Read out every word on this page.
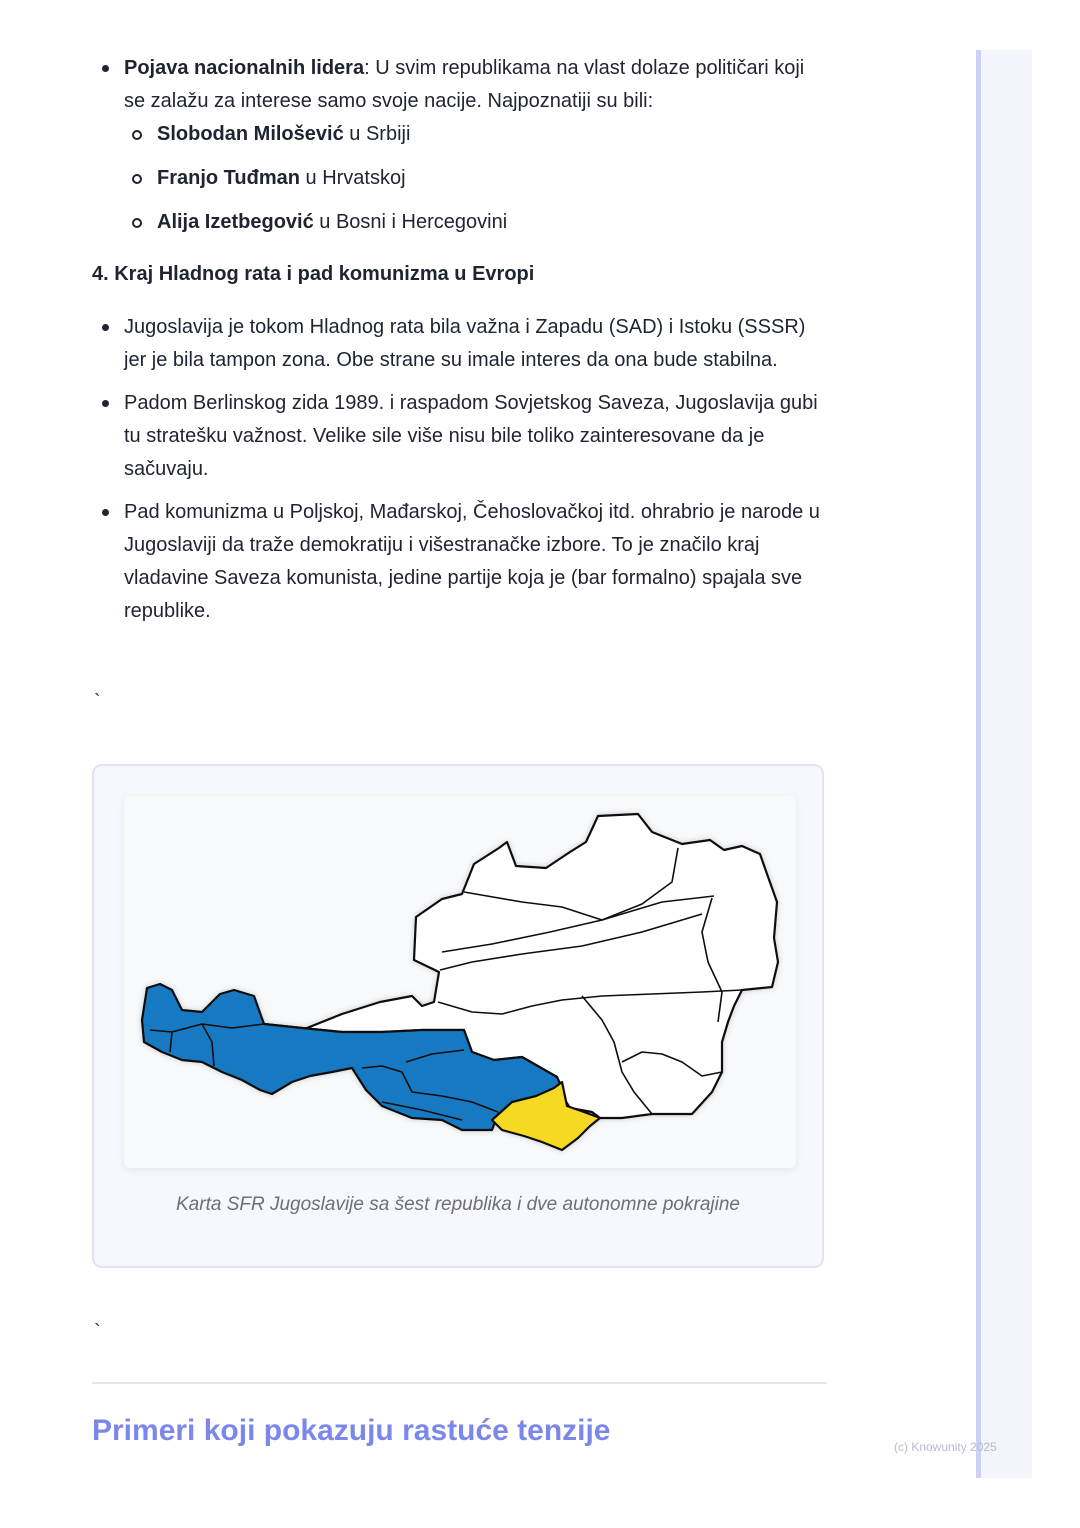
Pojava nacionalnih lidera: U svim republikama na vlast dolaze političari koji se zalažu za interese samo svoje nacije. Najpoznatiji su bili:
Slobodan Milošević u Srbiji
Franjo Tuđman u Hrvatskoj
Alija Izetbegović u Bosni i Hercegovini
4. Kraj Hladnog rata i pad komunizma u Evropi
Jugoslavija je tokom Hladnog rata bila važna i Zapadu (SAD) i Istoku (SSSR) jer je bila tampon zona. Obe strane su imale interes da ona bude stabilna.
Padom Berlinskog zida 1989. i raspadom Sovjetskog Saveza, Jugoslavija gubi tu stratešku važnost. Velike sile više nisu bile toliko zainteresovane da je sačuvaju.
Pad komunizma u Poljskoj, Mađarskoj, Čehoslovačkoj itd. ohrabrio je narode u Jugoslaviji da traže demokratiju i višestranačke izbore. To je značilo kraj vladavine Saveza komunista, jedine partije koja je (bar formalno) spajala sve republike.
`
Karta SFR Jugoslavije sa šest republika i dve autonomne pokrajine
`
Primeri koji pokazuju rastuće tenzije	(c) Knowunity 2025
